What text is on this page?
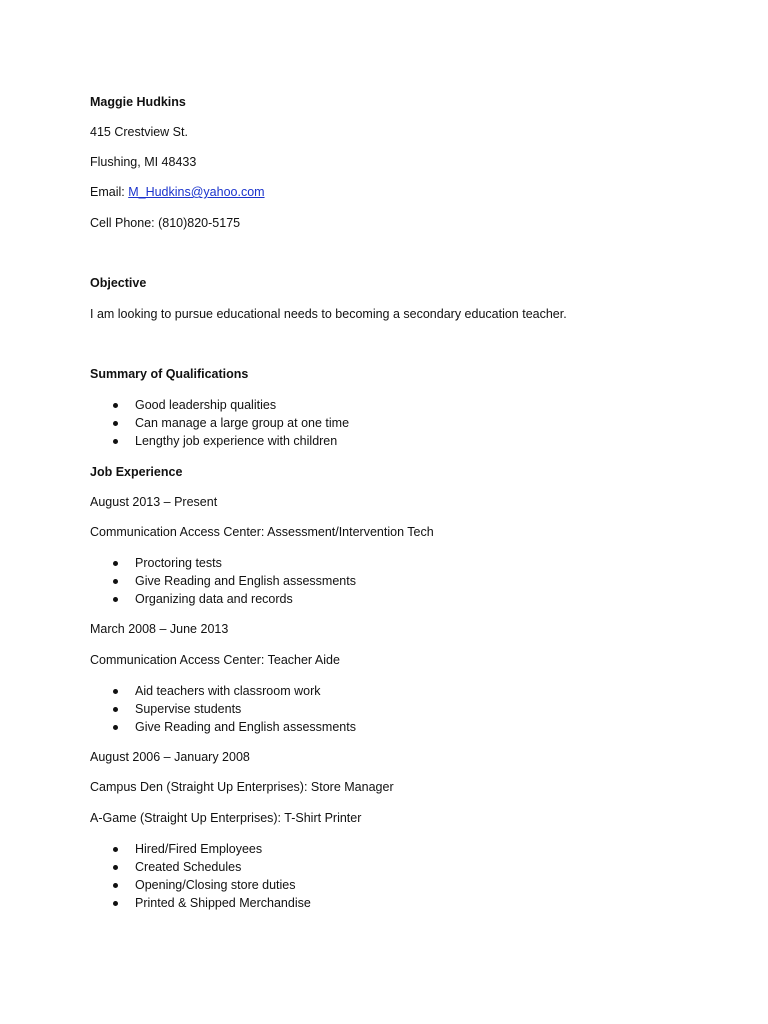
Maggie Hudkins
415 Crestview St.
Flushing, MI 48433
Email: M_Hudkins@yahoo.com
Cell Phone: (810)820-5175
Objective
I am looking to pursue educational needs to becoming a secondary education teacher.
Summary of Qualifications
Good leadership qualities
Can manage a large group at one time
Lengthy job experience with children
Job Experience
August 2013 – Present
Communication Access Center: Assessment/Intervention Tech
Proctoring tests
Give Reading and English assessments
Organizing data and records
March 2008 – June 2013
Communication Access Center: Teacher Aide
Aid teachers with classroom work
Supervise students
Give Reading and English assessments
August 2006 – January 2008
Campus Den (Straight Up Enterprises): Store Manager
A-Game (Straight Up Enterprises): T-Shirt Printer
Hired/Fired Employees
Created Schedules
Opening/Closing store duties
Printed & Shipped Merchandise
